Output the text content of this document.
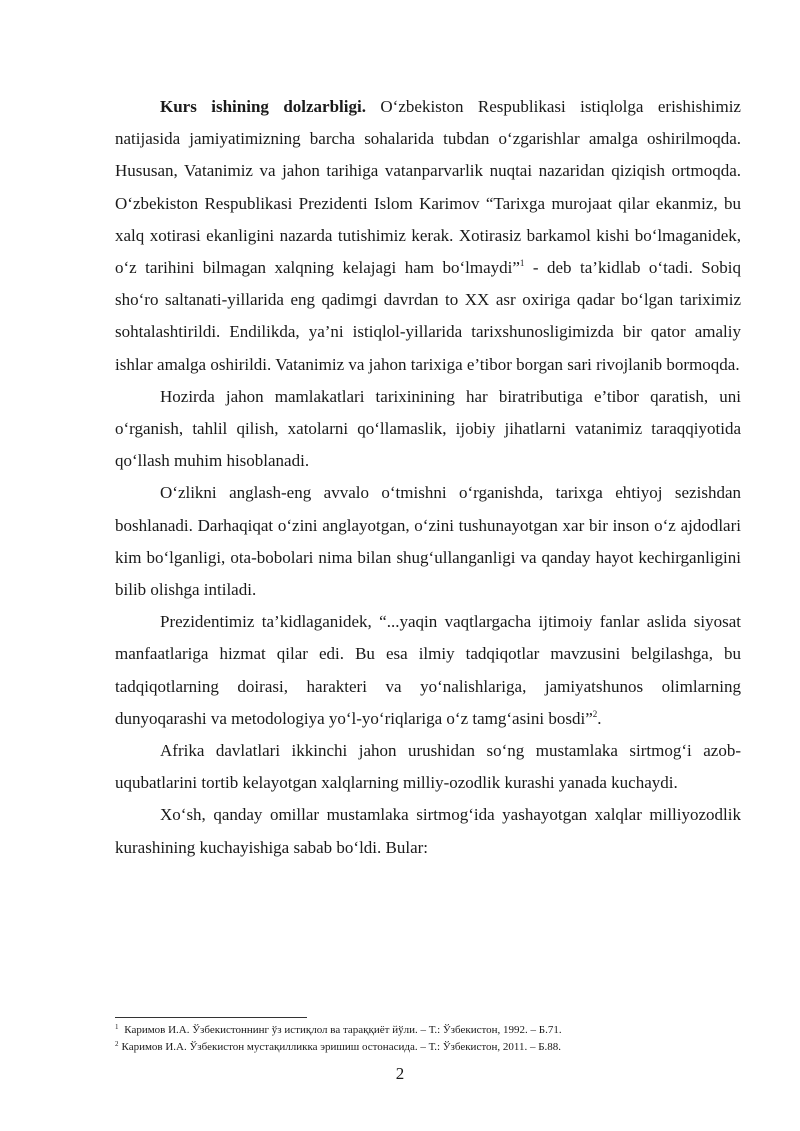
Kurs ishining dolzarbligi. O‘zbekiston Respublikasi istiqlolga erishishimiz natijasida jamiyatimizning barcha sohalarida tubdan o‘zgarishlar amalga oshirilmoqda. Hususan, Vatanimiz va jahon tarihiga vatanparvarlik nuqtai nazaridan qiziqish ortmoqda. O‘zbekiston Respublikasi Prezidenti Islom Karimov “Tarixga murojaat qilar ekanmiz, bu xalq xotirasi ekanligini nazarda tutishimiz kerak. Xotirasiz barkamol kishi bo‘lmaganidek, o‘z tarihini bilmagan xalqning kelajagi ham bo‘lmaydi”$^1$ - deb ta’kidlab o‘tadi. Sobiq sho‘ro saltanati-yillarida eng qadimgi davrdan to XX asr oxiriga qadar bo‘lgan tariximiz sohtalashtirildi. Endilikda, ya’ni istiqlol-yillarida tarixshunosligimizda bir qator amaliy ishlar amalga oshirildi. Vatanimiz va jahon tarixiga e’tibor borgan sari rivojlanib bormoqda.

Hozirda jahon mamlakatlari tarixinining har biratributiga e’tibor qaratish, uni o‘rganish, tahlil qilish, xatolarni qo‘llamaslik, ijobiy jihatlarni vatanimiz taraqqiyotida qo‘llash muhim hisoblanadi.

O‘zlikni anglash-eng avvalo o‘tmishni o‘rganishda, tarixga ehtiyoj sezishdan boshlanadi. Darhaqiqat o‘zini anglayotgan, o‘zini tushunayotgan xar bir inson o‘z ajdodlari kim bo‘lganligi, ota-bobolari nima bilan shug‘ullanganligi va qanday hayot kechirganligini bilib olishga intiladi.

Prezidentimiz ta’kidlaganidek, “...yaqin vaqtlargacha ijtimoiy fanlar aslida siyosat manfaatlariga hizmat qilar edi. Bu esa ilmiy tadqiqotlar mavzusini belgilashga, bu tadqiqotlarning doirasi, harakteri va yo‘nalishlariga, jamiyatshunos olimlarning dunyoqarashi va metodologiya yo‘l-yo‘riqlariga o‘z tamg‘asini bosdi”$^2$.

Afrika davlatlari ikkinchi jahon urushidan so‘ng mustamlaka sirtmog‘i azob-uqubatlarini tortib kelayotgan xalqlarning milliy-ozodlik kurashi yanada kuchaydi.

Xo‘sh, qanday omillar mustamlaka sirtmog‘ida yashayotgan xalqlar milliyozodlik kurashining kuchayishiga sabab bo‘ldi. Bular:

$^1$ Каримов И.А. Ўзбекистоннинг ўз истиқлол ва тараққиёт йўли. – Т.: Ўзбекистон, 1992. – Б.71.
$^2$ Каримов И.А. Ўзбекистон мустақилликка эришиш остонасида. – Т.: Ўзбекистон, 2011. – Б.88.
2
